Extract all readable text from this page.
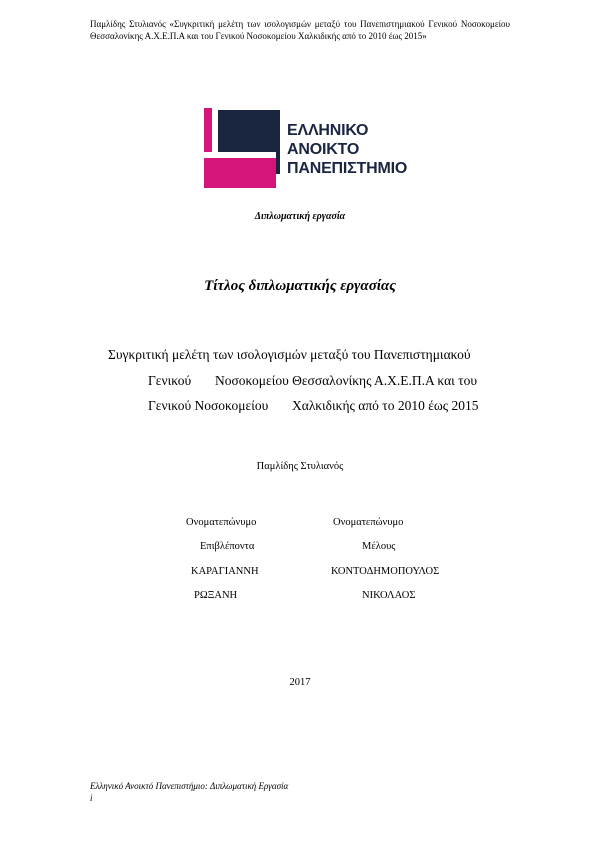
Παμλίδης Στυλιανός «Συγκριτική μελέτη των ισολογισμών μεταξύ του Πανεπιστημιακού Γενικού Νοσοκομείου Θεσσαλονίκης Α.Χ.Ε.Π.Α και του Γενικού Νοσοκομείου Χαλκιδικής από το 2010 έως 2015»
ΕΛΛΗΝΙΚΟ
ΑΝΟΙΚΤΟ
ΠΑΝΕΠΙΣΤΗΜΙΟ
Διπλωματική εργασία
Τίτλος διπλωματικής εργασίας
Συγκριτική μελέτη των ισολογισμών μεταξύ του Πανεπιστημιακού
Γενικού Νοσοκομείου Θεσσαλονίκης Α.Χ.Ε.Π.Α και του
Γενικού Νοσοκομείου Χαλκιδικής από το 2010 έως 2015
Παμλίδης Στυλιανός
Ονοματεπώνυμο
Επιβλέποντα
ΚΑΡΑΓΙΑΝΝΗ
ΡΩΞΑΝΗ
Ονοματεπώνυμο
Μέλους
ΚΟΝΤΟΔΗΜΟΠΟΥΛΟΣ
ΝΙΚΟΛΑΟΣ
2017
Ελληνικό Ανοικτό Πανεπιστήμιο: Διπλωματική Εργασία
i
